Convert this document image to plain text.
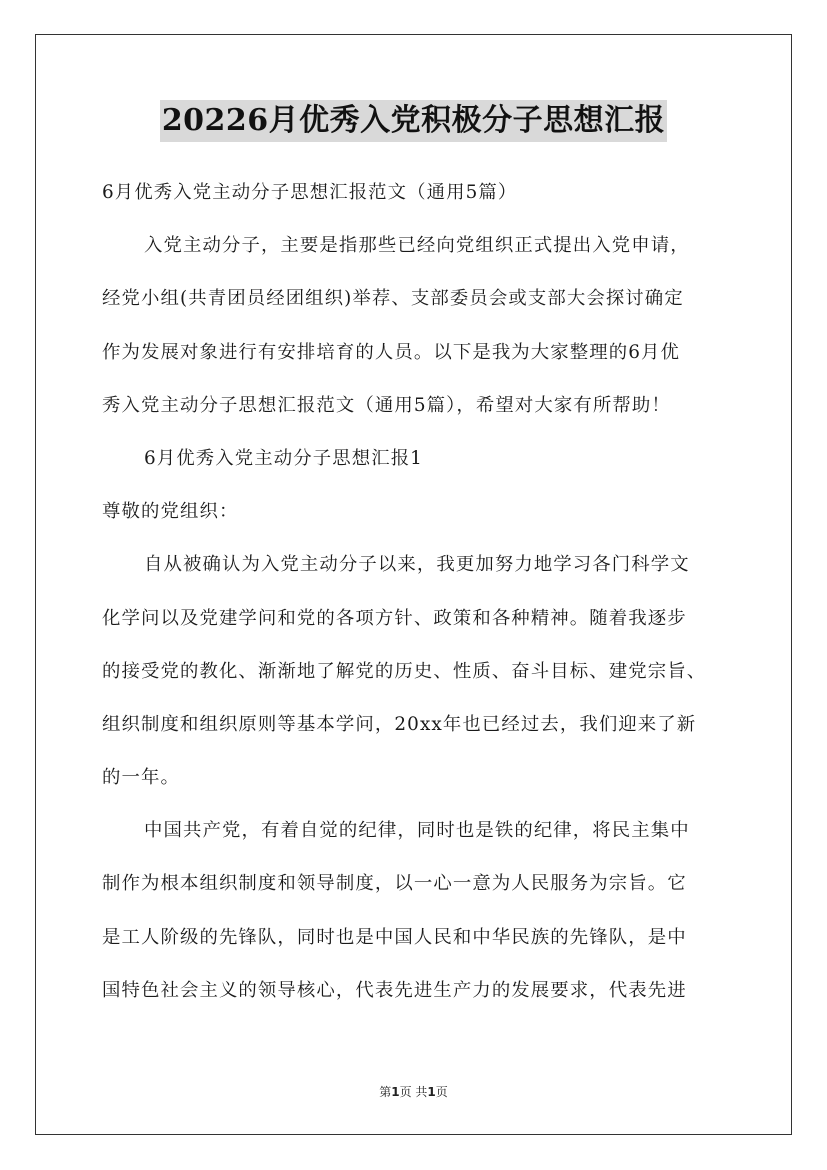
20226月优秀入党积极分子思想汇报
6月优秀入党主动分子思想汇报范文（通用5篇）
入党主动分子，主要是指那些已经向党组织正式提出入党申请，
经党小组(共青团员经团组织)举荐、支部委员会或支部大会探讨确定
作为发展对象进行有安排培育的人员。以下是我为大家整理的6月优
秀入党主动分子思想汇报范文（通用5篇），希望对大家有所帮助！
6月优秀入党主动分子思想汇报1
尊敬的党组织：
自从被确认为入党主动分子以来，我更加努力地学习各门科学文
化学问以及党建学问和党的各项方针、政策和各种精神。随着我逐步
的接受党的教化、渐渐地了解党的历史、性质、奋斗目标、建党宗旨、
组织制度和组织原则等基本学问，20xx年也已经过去，我们迎来了新
的一年。
中国共产党，有着自觉的纪律，同时也是铁的纪律，将民主集中
制作为根本组织制度和领导制度，以一心一意为人民服务为宗旨。它
是工人阶级的先锋队，同时也是中国人民和中华民族的先锋队，是中
国特色社会主义的领导核心，代表先进生产力的发展要求，代表先进
第1页 共1页
